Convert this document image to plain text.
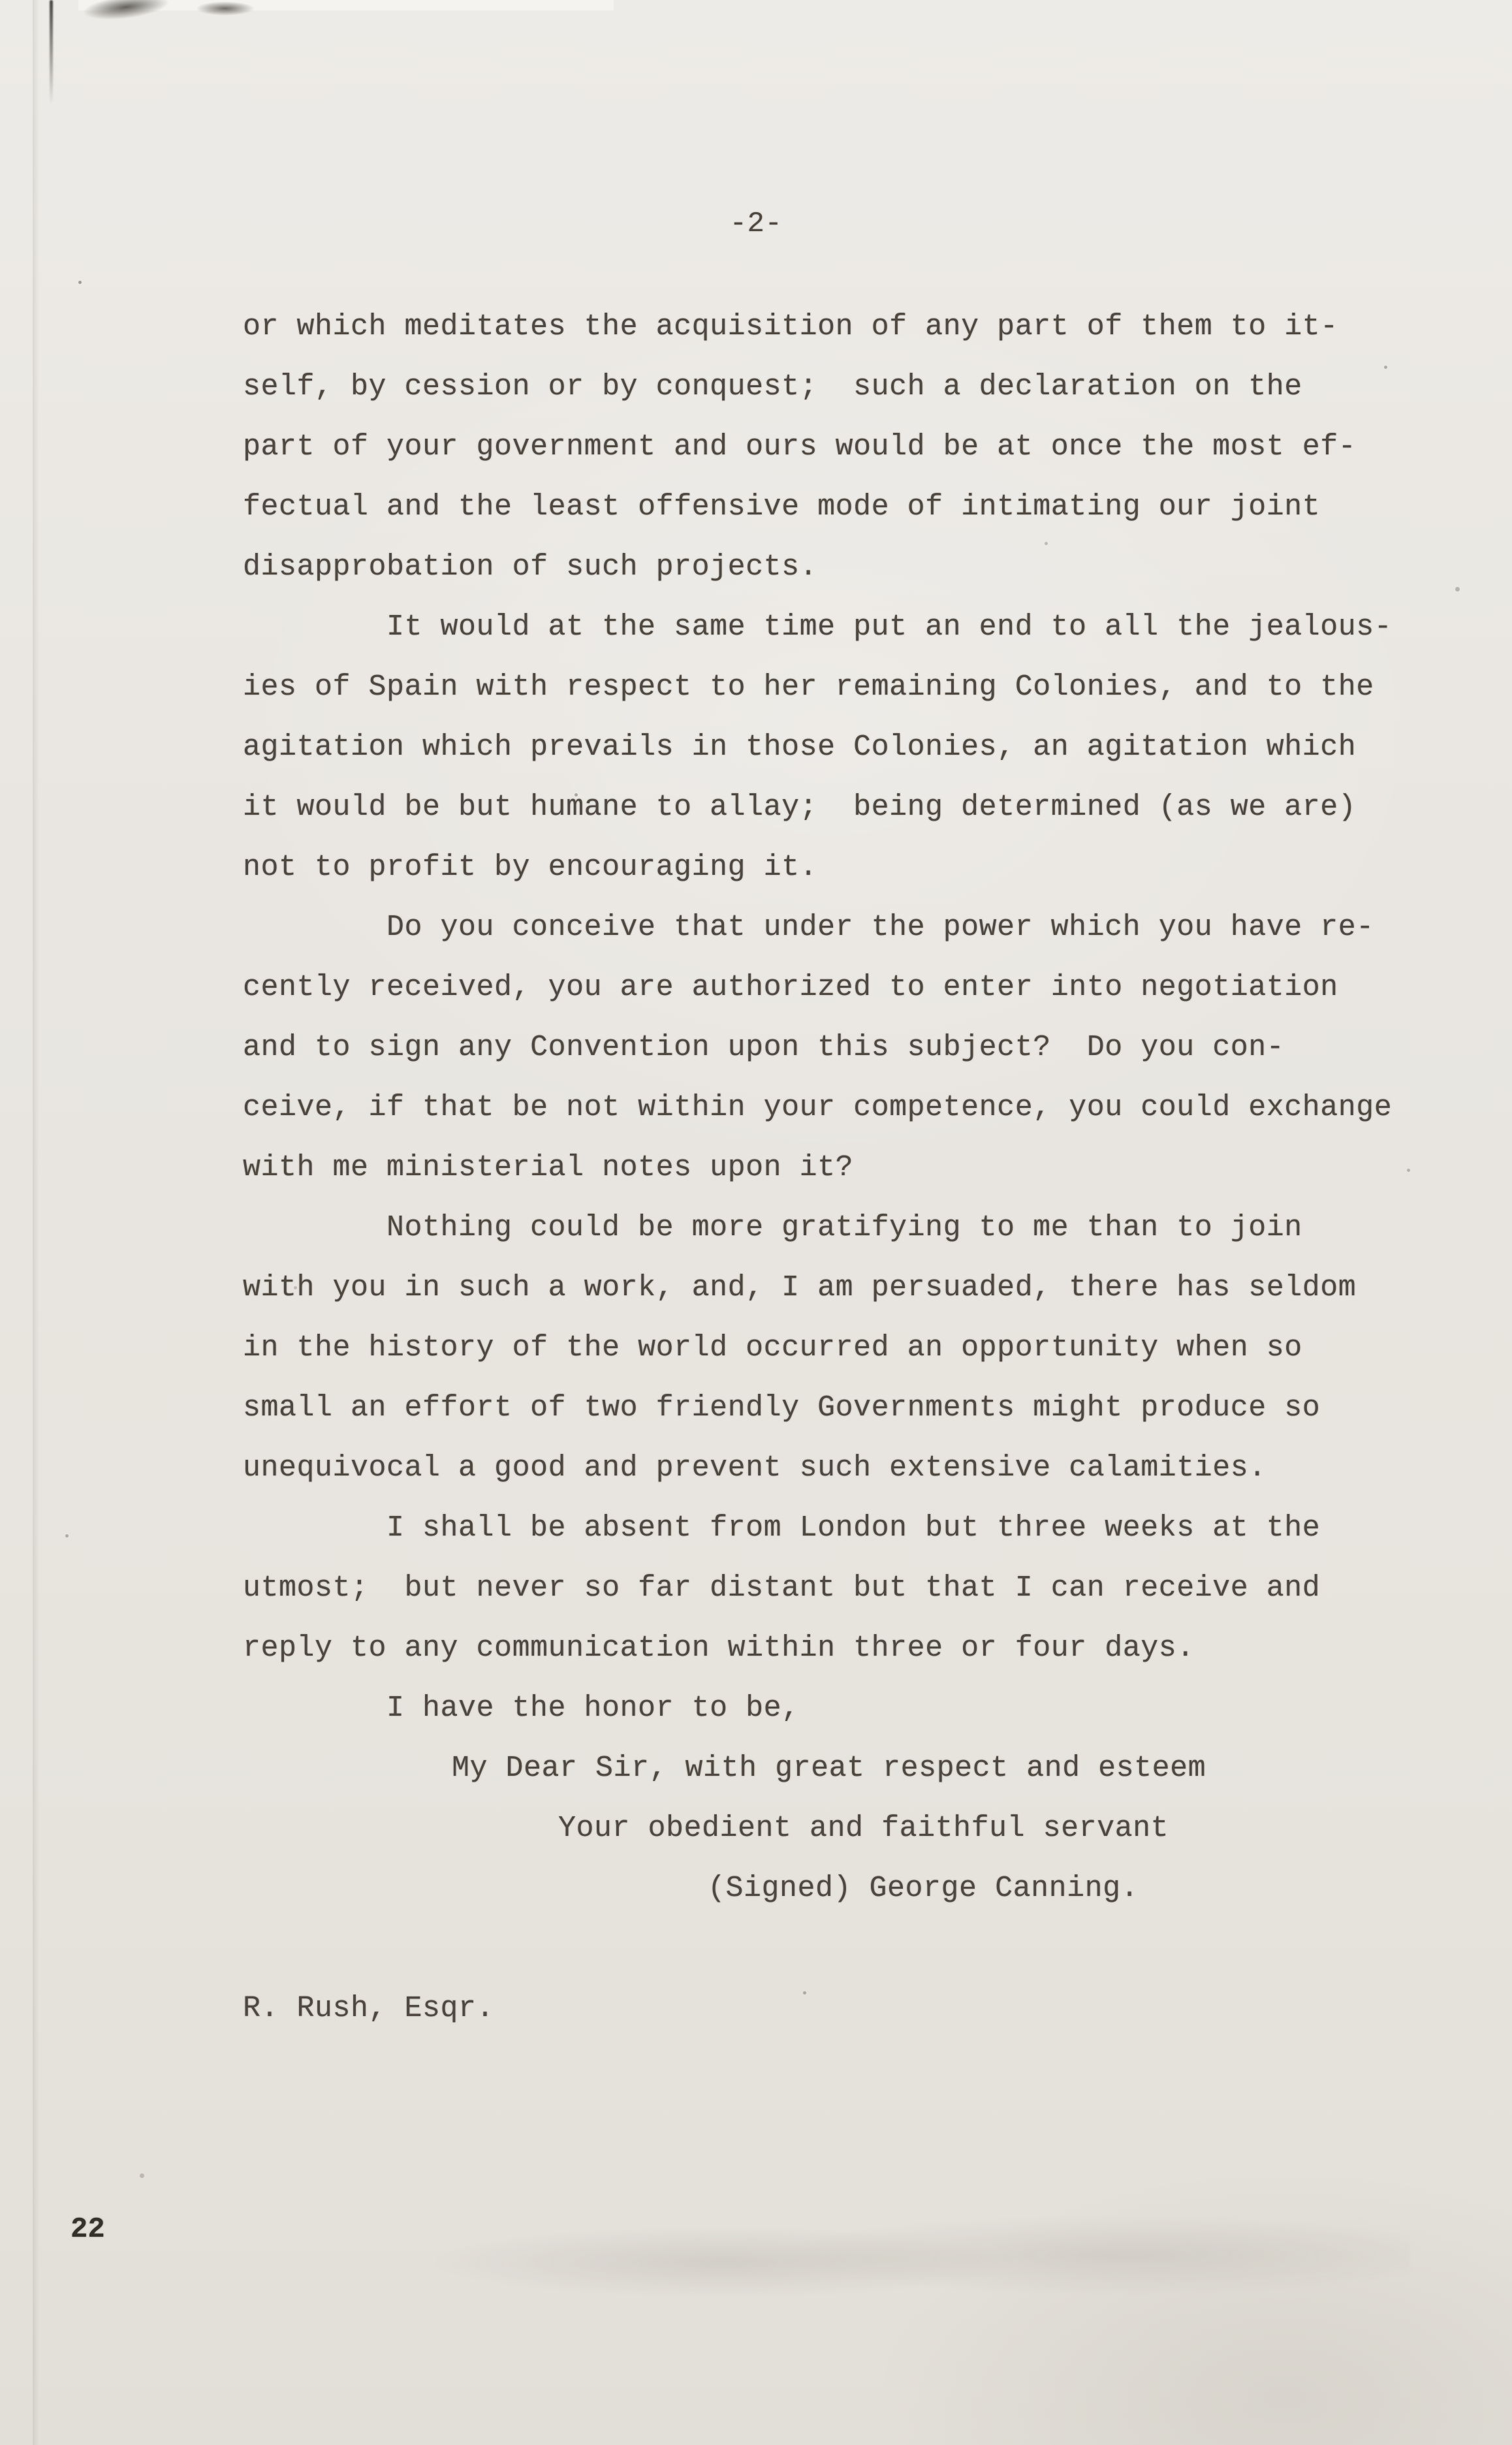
-2-
or which meditates the acquisition of any part of them to it-
self, by cession or by conquest;  such a declaration on the
part of your government and ours would be at once the most ef-
fectual and the least offensive mode of intimating our joint
disapprobation of such projects.
It would at the same time put an end to all the jealous-
ies of Spain with respect to her remaining Colonies, and to the
agitation which prevails in those Colonies, an agitation which
it would be but humane to allay;  being determined (as we are)
not to profit by encouraging it.
Do you conceive that under the power which you have re-
cently received, you are authorized to enter into negotiation
and to sign any Convention upon this subject?  Do you con-
ceive, if that be not within your competence, you could exchange
with me ministerial notes upon it?
Nothing could be more gratifying to me than to join
with you in such a work, and, I am persuaded, there has seldom
in the history of the world occurred an opportunity when so
small an effort of two friendly Governments might produce so
unequivocal a good and prevent such extensive calamities.
I shall be absent from London but three weeks at the
utmost;  but never so far distant but that I can receive and
reply to any communication within three or four days.
I have the honor to be,
My Dear Sir, with great respect and esteem
Your obedient and faithful servant
(Signed) George Canning.
R. Rush, Esqr.
22
